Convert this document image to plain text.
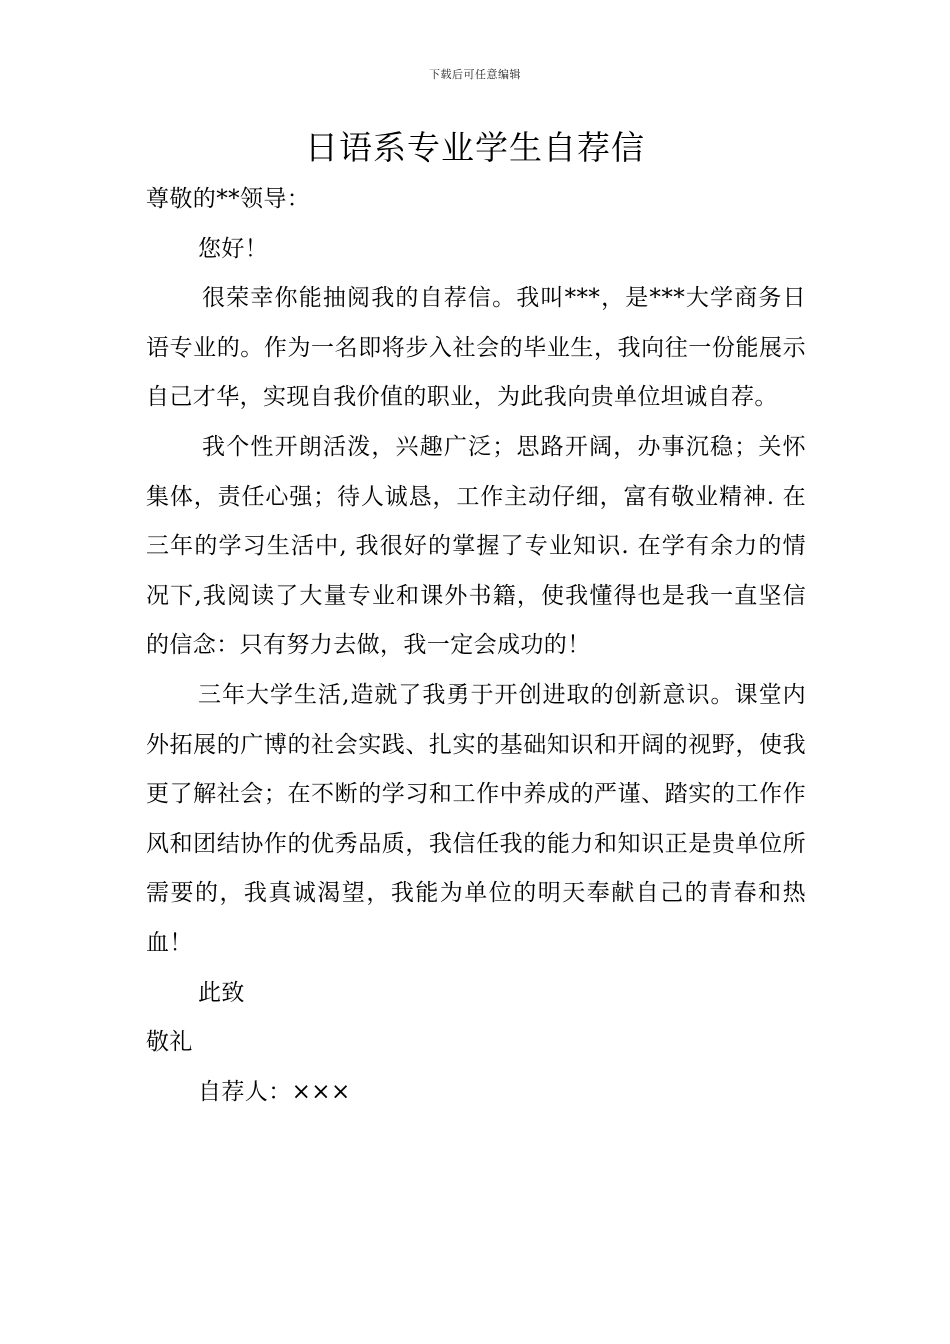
下载后可任意编辑
日语系专业学生自荐信

尊敬的**领导：

您好！

很荣幸你能抽阅我的自荐信。我叫***，是***大学商务日语专业的。作为一名即将步入社会的毕业生，我向往一份能展示自己才华，实现自我价值的职业，为此我向贵单位坦诚自荐。

我个性开朗活泼，兴趣广泛；思路开阔，办事沉稳；关怀集体，责任心强；待人诚恳，工作主动仔细，富有敬业精神. 在三年的学习生活中, 我很好的掌握了专业知识. 在学有余力的情况下,我阅读了大量专业和课外书籍，使我懂得也是我一直坚信的信念：只有努力去做，我一定会成功的！

三年大学生活,造就了我勇于开创进取的创新意识。课堂内外拓展的广博的社会实践、扎实的基础知识和开阔的视野，使我更了解社会；在不断的学习和工作中养成的严谨、踏实的工作作风和团结协作的优秀品质，我信任我的能力和知识正是贵单位所需要的，我真诚渴望，我能为单位的明天奉献自己的青春和热血！

此致

敬礼

自荐人：×××
